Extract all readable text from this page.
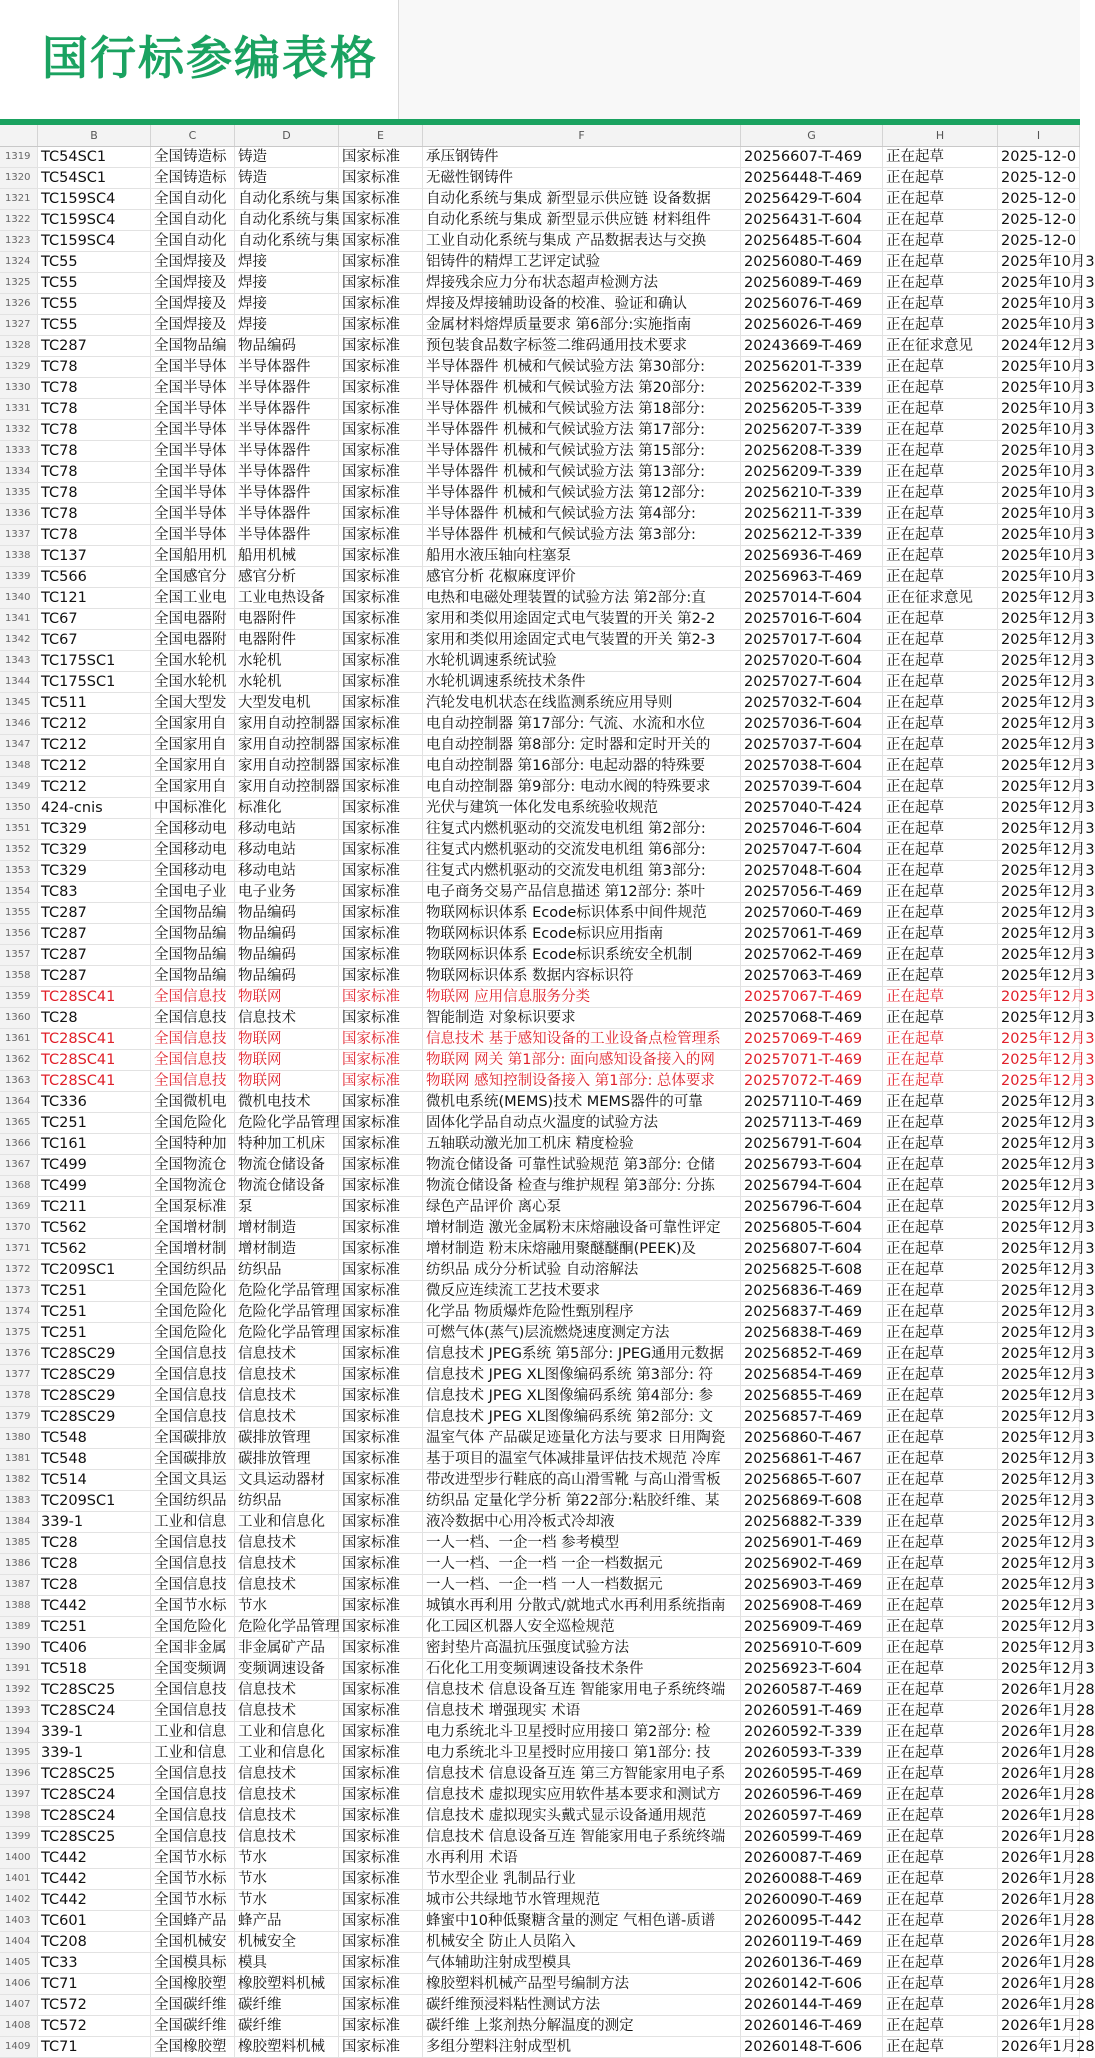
国行标参编表格
B	C	D	E	F	G	H	I
1319 TC54SC1	全国铸造标 铸造	国家标准	承压钢铸件	20256607-T-469	正在起草	2025-12-0
1320 TC54SC1	全国铸造标 铸造	国家标准	无磁性钢铸件	20256448-T-469	正在起草	2025-12-0
1321 TC159SC4	全国自动化 自动化系统与集 国家标准	自动化系统与集成 新型显示供应链 设备数据	20256429-T-604	正在起草	2025-12-0
1322 TC159SC4	全国自动化 自动化系统与集 国家标准	自动化系统与集成 新型显示供应链 材料组件	20256431-T-604	正在起草	2025-12-0
1323 TC159SC4	全国自动化 自动化系统与集 国家标准	工业自动化系统与集成 产品数据表达与交换	20256485-T-604	正在起草	2025-12-0
1324 TC55	全国焊接及 焊接	国家标准	铝铸件的精焊工艺评定试验	20256080-T-469	正在起草	2025年10月3
1325 TC55	全国焊接及 焊接	国家标准	焊接残余应力分布状态超声检测方法	20256089-T-469	正在起草	2025年10月3
1326 TC55	全国焊接及 焊接	国家标准	焊接及焊接辅助设备的校准、验证和确认	20256076-T-469	正在起草	2025年10月3
1327 TC55	全国焊接及 焊接	国家标准	金属材料熔焊质量要求 第6部分:实施指南	20256026-T-469	正在起草	2025年10月3
1328 TC287	全国物品编 物品编码	国家标准	预包装食品数字标签二维码通用技术要求	20243669-T-469	正在征求意见	2024年12月3
1329 TC78	全国半导体 半导体器件	国家标准	半导体器件 机械和气候试验方法 第30部分:	20256201-T-339	正在起草	2025年10月3
1330 TC78	全国半导体 半导体器件	国家标准	半导体器件 机械和气候试验方法 第20部分:	20256202-T-339	正在起草	2025年10月3
1331 TC78	全国半导体 半导体器件	国家标准	半导体器件 机械和气候试验方法 第18部分:	20256205-T-339	正在起草	2025年10月3
1332 TC78	全国半导体 半导体器件	国家标准	半导体器件 机械和气候试验方法 第17部分:	20256207-T-339	正在起草	2025年10月3
1333 TC78	全国半导体 半导体器件	国家标准	半导体器件 机械和气候试验方法 第15部分:	20256208-T-339	正在起草	2025年10月3
1334 TC78	全国半导体 半导体器件	国家标准	半导体器件 机械和气候试验方法 第13部分:	20256209-T-339	正在起草	2025年10月3
1335 TC78	全国半导体 半导体器件	国家标准	半导体器件 机械和气候试验方法 第12部分:	20256210-T-339	正在起草	2025年10月3
1336 TC78	全国半导体 半导体器件	国家标准	半导体器件 机械和气候试验方法 第4部分:	20256211-T-339	正在起草	2025年10月3
1337 TC78	全国半导体 半导体器件	国家标准	半导体器件 机械和气候试验方法 第3部分:	20256212-T-339	正在起草	2025年10月3
1338 TC137	全国船用机 船用机械	国家标准	船用水液压轴向柱塞泵	20256936-T-469	正在起草	2025年10月3
1339 TC566	全国感官分 感官分析	国家标准	感官分析 花椒麻度评价	20256963-T-469	正在起草	2025年10月3
1340 TC121	全国工业电 工业电热设备	国家标准	电热和电磁处理装置的试验方法 第2部分:直	20257014-T-604	正在征求意见	2025年12月3
1341 TC67	全国电器附 电器附件	国家标准	家用和类似用途固定式电气装置的开关 第2-2	20257016-T-604	正在起草	2025年12月3
1342 TC67	全国电器附 电器附件	国家标准	家用和类似用途固定式电气装置的开关 第2-3	20257017-T-604	正在起草	2025年12月3
1343 TC175SC1	全国水轮机 水轮机	国家标准	水轮机调速系统试验	20257020-T-604	正在起草	2025年12月3
1344 TC175SC1	全国水轮机 水轮机	国家标准	水轮机调速系统技术条件	20257027-T-604	正在起草	2025年12月3
1345 TC511	全国大型发 大型发电机	国家标准	汽轮发电机状态在线监测系统应用导则	20257032-T-604	正在起草	2025年12月3
1346 TC212	全国家用自 家用自动控制器 国家标准	电自动控制器 第17部分: 气流、水流和水位	20257036-T-604	正在起草	2025年12月3
1347 TC212	全国家用自 家用自动控制器 国家标准	电自动控制器 第8部分: 定时器和定时开关的	20257037-T-604	正在起草	2025年12月3
1348 TC212	全国家用自 家用自动控制器 国家标准	电自动控制器 第16部分: 电起动器的特殊要	20257038-T-604	正在起草	2025年12月3
1349 TC212	全国家用自 家用自动控制器 国家标准	电自动控制器 第9部分: 电动水阀的特殊要求	20257039-T-604	正在起草	2025年12月3
1350 424-cnis	中国标准化 标准化	国家标准	光伏与建筑一体化发电系统验收规范	20257040-T-424	正在起草	2025年12月3
1351 TC329	全国移动电 移动电站	国家标准	往复式内燃机驱动的交流发电机组 第2部分:	20257046-T-604	正在起草	2025年12月3
1352 TC329	全国移动电 移动电站	国家标准	往复式内燃机驱动的交流发电机组 第6部分:	20257047-T-604	正在起草	2025年12月3
1353 TC329	全国移动电 移动电站	国家标准	往复式内燃机驱动的交流发电机组 第3部分:	20257048-T-604	正在起草	2025年12月3
1354 TC83	全国电子业 电子业务	国家标准	电子商务交易产品信息描述 第12部分: 茶叶	20257056-T-469	正在起草	2025年12月3
1355 TC287	全国物品编 物品编码	国家标准	物联网标识体系 Ecode标识体系中间件规范	20257060-T-469	正在起草	2025年12月3
1356 TC287	全国物品编 物品编码	国家标准	物联网标识体系 Ecode标识应用指南	20257061-T-469	正在起草	2025年12月3
1357 TC287	全国物品编 物品编码	国家标准	物联网标识体系 Ecode标识系统安全机制	20257062-T-469	正在起草	2025年12月3
1358 TC287	全国物品编 物品编码	国家标准	物联网标识体系 数据内容标识符	20257063-T-469	正在起草	2025年12月3
1359 TC28SC41	全国信息技 物联网	国家标准	物联网 应用信息服务分类	20257067-T-469	正在起草	2025年12月3
1360 TC28	全国信息技 信息技术	国家标准	智能制造 对象标识要求	20257068-T-469	正在起草	2025年12月3
1361 TC28SC41	全国信息技 物联网	国家标准	信息技术 基于感知设备的工业设备点检管理系	20257069-T-469	正在起草	2025年12月3
1362 TC28SC41	全国信息技 物联网	国家标准	物联网 网关 第1部分: 面向感知设备接入的网	20257071-T-469	正在起草	2025年12月3
1363 TC28SC41	全国信息技 物联网	国家标准	物联网 感知控制设备接入 第1部分: 总体要求	20257072-T-469	正在起草	2025年12月3
1364 TC336	全国微机电 微机电技术	国家标准	微机电系统(MEMS)技术 MEMS器件的可靠	20257110-T-469	正在起草	2025年12月3
1365 TC251	全国危险化 危险化学品管理 国家标准	固体化学品自动点火温度的试验方法	20257113-T-469	正在起草	2025年12月3
1366 TC161	全国特种加 特种加工机床	国家标准	五轴联动激光加工机床 精度检验	20256791-T-604	正在起草	2025年12月3
1367 TC499	全国物流仓 物流仓储设备	国家标准	物流仓储设备 可靠性试验规范 第3部分: 仓储	20256793-T-604	正在起草	2025年12月3
1368 TC499	全国物流仓 物流仓储设备	国家标准	物流仓储设备 检查与维护规程 第3部分: 分拣	20256794-T-604	正在起草	2025年12月3
1369 TC211	全国泵标准 泵	国家标准	绿色产品评价 离心泵	20256796-T-604	正在起草	2025年12月3
1370 TC562	全国增材制 增材制造	国家标准	增材制造 激光金属粉末床熔融设备可靠性评定	20256805-T-604	正在起草	2025年12月3
1371 TC562	全国增材制 增材制造	国家标准	增材制造 粉末床熔融用聚醚醚酮(PEEK)及	20256807-T-604	正在起草	2025年12月3
1372 TC209SC1	全国纺织品 纺织品	国家标准	纺织品 成分分析试验 自动溶解法	20256825-T-608	正在起草	2025年12月3
1373 TC251	全国危险化 危险化学品管理 国家标准	微反应连续流工艺技术要求	20256836-T-469	正在起草	2025年12月3
1374 TC251	全国危险化 危险化学品管理 国家标准	化学品 物质爆炸危险性甄别程序	20256837-T-469	正在起草	2025年12月3
1375 TC251	全国危险化 危险化学品管理 国家标准	可燃气体(蒸气)层流燃烧速度测定方法	20256838-T-469	正在起草	2025年12月3
1376 TC28SC29	全国信息技 信息技术	国家标准	信息技术 JPEG系统 第5部分: JPEG通用元数据	20256852-T-469	正在起草	2025年12月3
1377 TC28SC29	全国信息技 信息技术	国家标准	信息技术 JPEG XL图像编码系统 第3部分: 符	20256854-T-469	正在起草	2025年12月3
1378 TC28SC29	全国信息技 信息技术	国家标准	信息技术 JPEG XL图像编码系统 第4部分: 参	20256855-T-469	正在起草	2025年12月3
1379 TC28SC29	全国信息技 信息技术	国家标准	信息技术 JPEG XL图像编码系统 第2部分: 文	20256857-T-469	正在起草	2025年12月3
1380 TC548	全国碳排放 碳排放管理	国家标准	温室气体 产品碳足迹量化方法与要求 日用陶瓷	20256860-T-467	正在起草	2025年12月3
1381 TC548	全国碳排放 碳排放管理	国家标准	基于项目的温室气体减排量评估技术规范 冷库	20256861-T-467	正在起草	2025年12月3
1382 TC514	全国文具运 文具运动器材	国家标准	带改进型步行鞋底的高山滑雪靴 与高山滑雪板	20256865-T-607	正在起草	2025年12月3
1383 TC209SC1	全国纺织品 纺织品	国家标准	纺织品 定量化学分析 第22部分:粘胶纤维、某	20256869-T-608	正在起草	2025年12月3
1384 339-1	工业和信息 工业和信息化	国家标准	液冷数据中心用冷板式冷却液	20256882-T-339	正在起草	2025年12月3
1385 TC28	全国信息技 信息技术	国家标准	一人一档、一企一档 参考模型	20256901-T-469	正在起草	2025年12月3
1386 TC28	全国信息技 信息技术	国家标准	一人一档、一企一档 一企一档数据元	20256902-T-469	正在起草	2025年12月3
1387 TC28	全国信息技 信息技术	国家标准	一人一档、一企一档 一人一档数据元	20256903-T-469	正在起草	2025年12月3
1388 TC442	全国节水标 节水	国家标准	城镇水再利用 分散式/就地式水再利用系统指南	20256908-T-469	正在起草	2025年12月3
1389 TC251	全国危险化 危险化学品管理 国家标准	化工园区机器人安全巡检规范	20256909-T-469	正在起草	2025年12月3
1390 TC406	全国非金属 非金属矿产品	国家标准	密封垫片高温抗压强度试验方法	20256910-T-609	正在起草	2025年12月3
1391 TC518	全国变频调 变频调速设备	国家标准	石化化工用变频调速设备技术条件	20256923-T-604	正在起草	2025年12月3
1392 TC28SC25	全国信息技 信息技术	国家标准	信息技术 信息设备互连 智能家用电子系统终端	20260587-T-469	正在起草	2026年1月28
1393 TC28SC24	全国信息技 信息技术	国家标准	信息技术 增强现实 术语	20260591-T-469	正在起草	2026年1月28
1394 339-1	工业和信息 工业和信息化	国家标准	电力系统北斗卫星授时应用接口 第2部分: 检	20260592-T-339	正在起草	2026年1月28
1395 339-1	工业和信息 工业和信息化	国家标准	电力系统北斗卫星授时应用接口 第1部分: 技	20260593-T-339	正在起草	2026年1月28
1396 TC28SC25	全国信息技 信息技术	国家标准	信息技术 信息设备互连 第三方智能家用电子系	20260595-T-469	正在起草	2026年1月28
1397 TC28SC24	全国信息技 信息技术	国家标准	信息技术 虚拟现实应用软件基本要求和测试方	20260596-T-469	正在起草	2026年1月28
1398 TC28SC24	全国信息技 信息技术	国家标准	信息技术 虚拟现实头戴式显示设备通用规范	20260597-T-469	正在起草	2026年1月28
1399 TC28SC25	全国信息技 信息技术	国家标准	信息技术 信息设备互连 智能家用电子系统终端	20260599-T-469	正在起草	2026年1月28
1400 TC442	全国节水标 节水	国家标准	水再利用 术语	20260087-T-469	正在起草	2026年1月28
1401 TC442	全国节水标 节水	国家标准	节水型企业 乳制品行业	20260088-T-469	正在起草	2026年1月28
1402 TC442	全国节水标 节水	国家标准	城市公共绿地节水管理规范	20260090-T-469	正在起草	2026年1月28
1403 TC601	全国蜂产品 蜂产品	国家标准	蜂蜜中10种低聚糖含量的测定 气相色谱-质谱	20260095-T-442	正在起草	2026年1月28
1404 TC208	全国机械安 机械安全	国家标准	机械安全 防止人员陷入	20260119-T-469	正在起草	2026年1月28
1405 TC33	全国模具标 模具	国家标准	气体辅助注射成型模具	20260136-T-469	正在起草	2026年1月28
1406 TC71	全国橡胶塑 橡胶塑料机械	国家标准	橡胶塑料机械产品型号编制方法	20260142-T-606	正在起草	2026年1月28
1407 TC572	全国碳纤维 碳纤维	国家标准	碳纤维预浸料粘性测试方法	20260144-T-469	正在起草	2026年1月28
1408 TC572	全国碳纤维 碳纤维	国家标准	碳纤维 上浆剂热分解温度的测定	20260146-T-469	正在起草	2026年1月28
1409 TC71	全国橡胶塑 橡胶塑料机械	国家标准	多组分塑料注射成型机	20260148-T-606	正在起草	2026年1月28
